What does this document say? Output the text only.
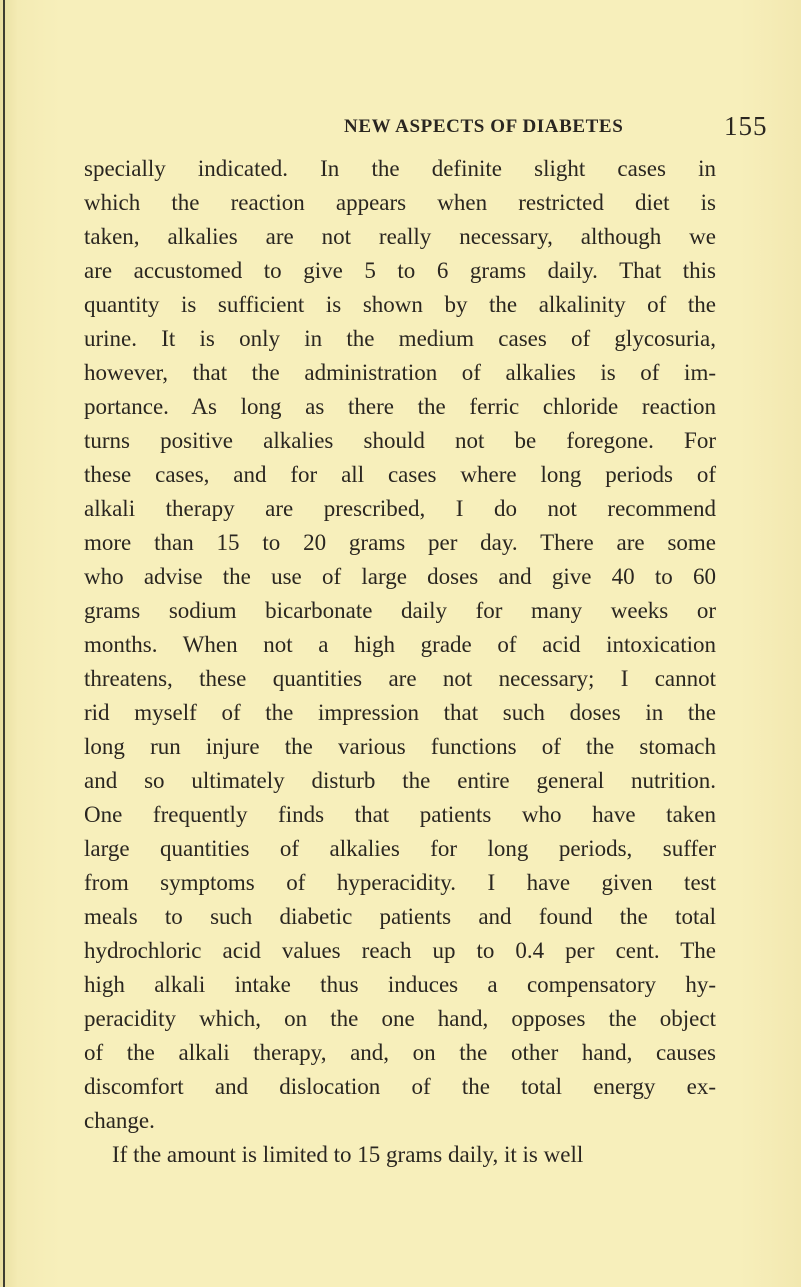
NEW ASPECTS OF DIABETES	155
specially indicated. In the definite slight cases in
which the reaction appears when restricted diet is
taken, alkalies are not really necessary, although we
are accustomed to give 5 to 6 grams daily. That this
quantity is sufficient is shown by the alkalinity of the
urine. It is only in the medium cases of glycosuria,
however, that the administration of alkalies is of im-
portance. As long as there the ferric chloride reaction
turns positive alkalies should not be foregone. For
these cases, and for all cases where long periods of
alkali therapy are prescribed, I do not recommend
more than 15 to 20 grams per day. There are some
who advise the use of large doses and give 40 to 60
grams sodium bicarbonate daily for many weeks or
months. When not a high grade of acid intoxication
threatens, these quantities are not necessary; I cannot
rid myself of the impression that such doses in the
long run injure the various functions of the stomach
and so ultimately disturb the entire general nutrition.
One frequently finds that patients who have taken
large quantities of alkalies for long periods, suffer
from symptoms of hyperacidity. I have given test
meals to such diabetic patients and found the total
hydrochloric acid values reach up to 0.4 per cent. The
high alkali intake thus induces a compensatory hy-
peracidity which, on the one hand, opposes the object
of the alkali therapy, and, on the other hand, causes
discomfort and dislocation of the total energy ex-
change.
If the amount is limited to 15 grams daily, it is well
